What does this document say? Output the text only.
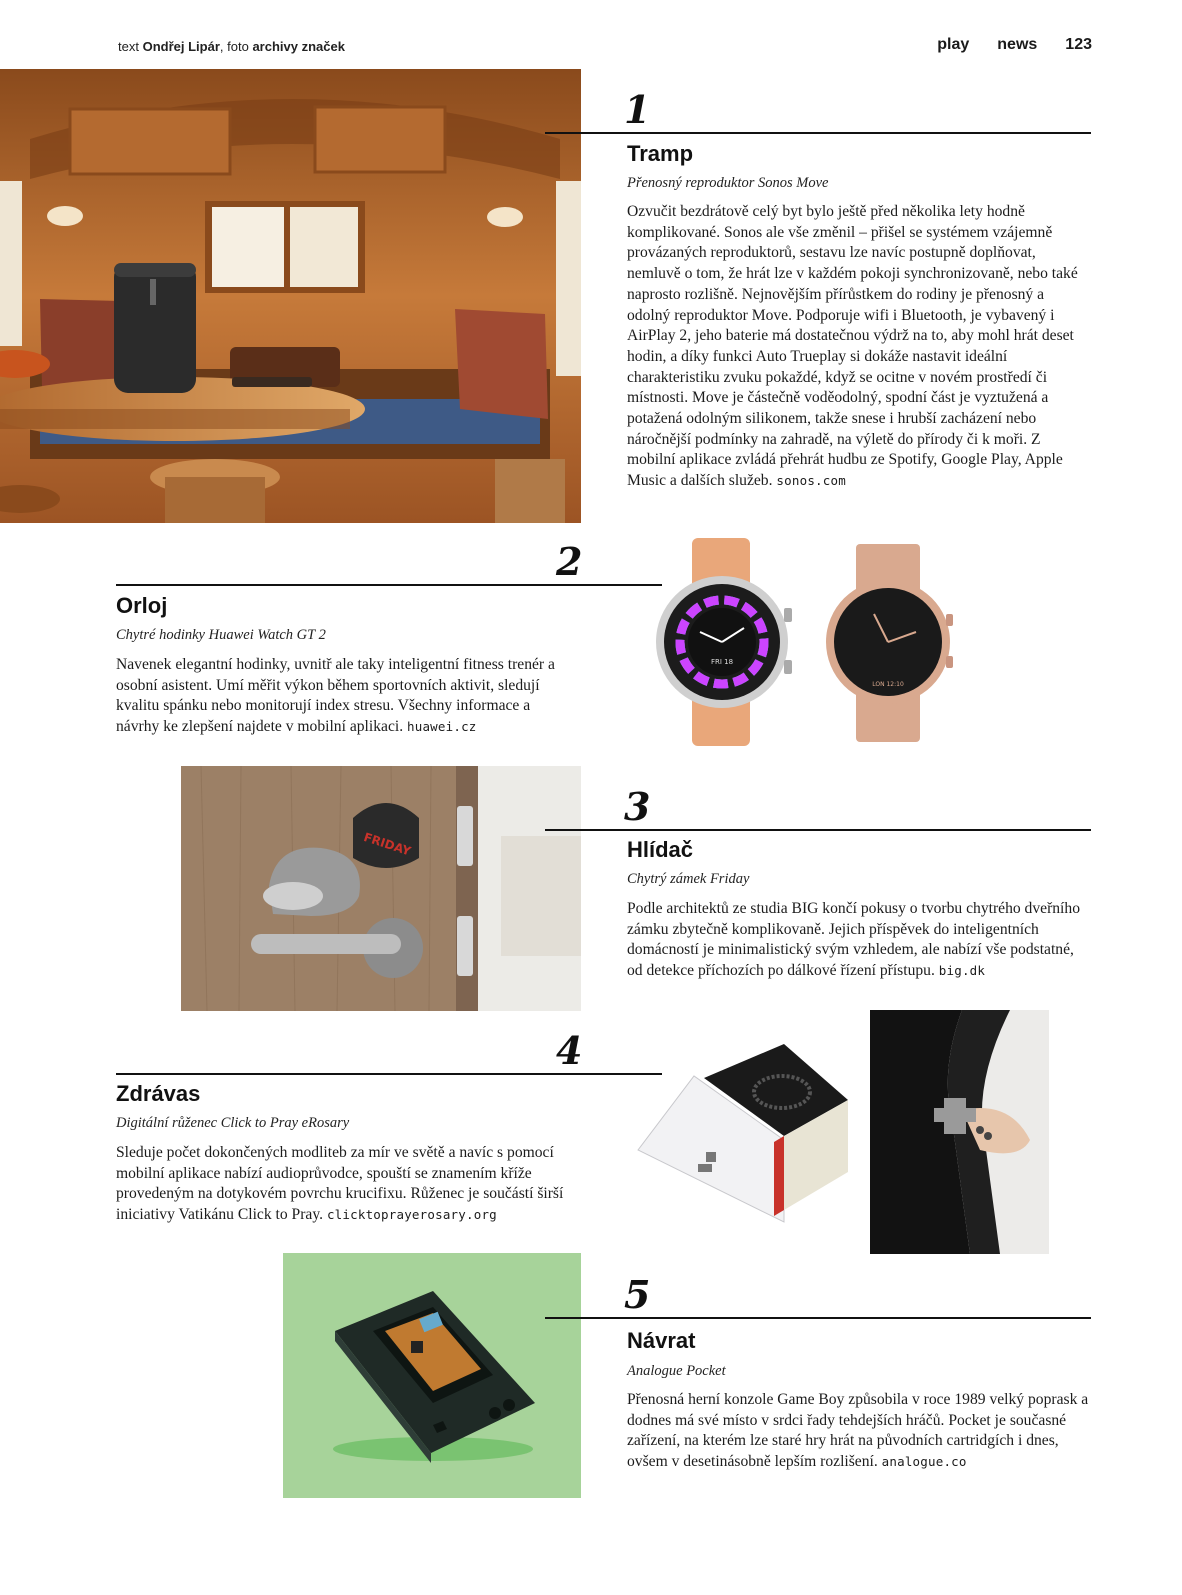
text Ondřej Lipár, foto archivy značek	play news 123
1
Tramp
Přenosný reproduktor Sonos Move
Ozvučit bezdrátově celý byt bylo ještě před několika lety hodně komplikované. Sonos ale vše změnil – přišel se systémem vzájemně provázaných reproduktorů, sestavu lze navíc postupně doplňovat, nemluvě o tom, že hrát lze v každém pokoji synchronizovaně, nebo také naprosto rozlišně. Nejnovějším přírůstkem do rodiny je přenosný a odolný reproduktor Move. Podporuje wifi i Bluetooth, je vybavený i AirPlay 2, jeho baterie má dostatečnou výdrž na to, aby mohl hrát deset hodin, a díky funkci Auto Trueplay si dokáže nastavit ideální charakteristiku zvuku pokaždé, když se ocitne v novém prostředí či místnosti. Move je částečně voděodolný, spodní část je vyztužená a potažená odolným silikonem, takže snese i hrubší zacházení nebo náročnější podmínky na zahradě, na výletě do přírody či k moři. Z mobilní aplikace zvládá přehrát hudbu ze Spotify, Google Play, Apple Music a dalších služeb. sonos.com
2
Orloj
Chytré hodinky Huawei Watch GT 2
Navenek elegantní hodinky, uvnitř ale taky inteligentní fitness trenér a osobní asistent. Umí měřit výkon během sportovních aktivit, sledují kvalitu spánku nebo monitorují index stresu. Všechny informace a návrhy ke zlepšení najdete v mobilní aplikaci. huawei.cz
FRI 18
LON 12:10
FRIDAY
3
Hlídač
Chytrý zámek Friday
Podle architektů ze studia BIG končí pokusy o tvorbu chytrého dveřního zámku zbytečně komplikovaně. Jejich příspěvek do inteligentních domácností je minimalistický svým vzhledem, ale nabízí vše podstatné, od detekce příchozích po dálkové řízení přístupu. big.dk
4
Zdrávas
Digitální růženec Click to Pray eRosary
Sleduje počet dokončených modliteb za mír ve světě a navíc s pomocí mobilní aplikace nabízí audioprůvodce, spouští se znamením kříže provedeným na dotykovém povrchu krucifixu. Růženec je součástí širší iniciativy Vatikánu Click to Pray. clicktoprayerosary.org
5
Návrat
Analogue Pocket
Přenosná herní konzole Game Boy způsobila v roce 1989 velký poprask a dodnes má své místo v srdci řady tehdejších hráčů. Pocket je současné zařízení, na kterém lze staré hry hrát na původních cartridgích i dnes, ovšem v desetinásobně lepším rozlišení. analogue.co
